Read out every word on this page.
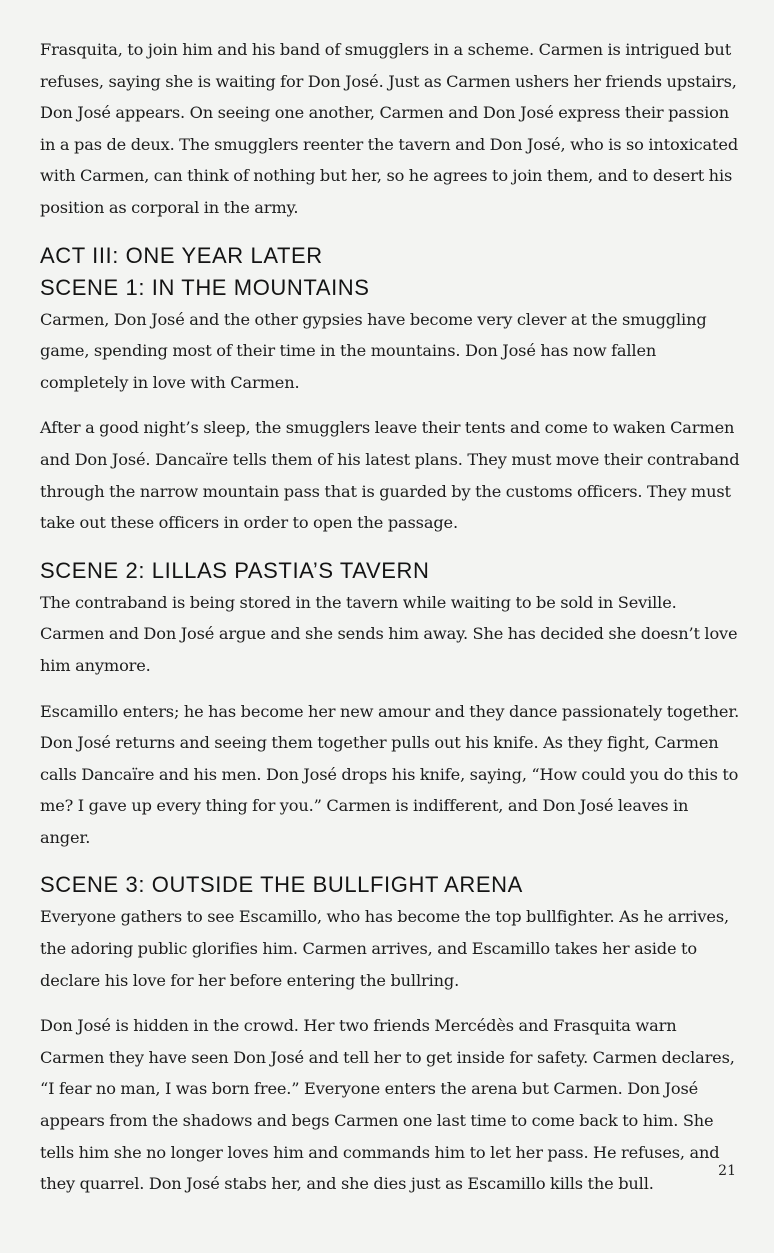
Frasquita, to join him and his band of smugglers in a scheme. Carmen is intrigued but refuses, saying she is waiting for Don José. Just as Carmen ushers her friends upstairs, Don José appears. On seeing one another, Carmen and Don José express their passion in a pas de deux. The smugglers reenter the tavern and Don José, who is so intoxicated with Carmen, can think of nothing but her, so he agrees to join them, and to desert his position as corporal in the army.

ACT III: ONE YEAR LATER
SCENE 1: IN THE MOUNTAINS

Carmen, Don José and the other gypsies have become very clever at the smuggling game, spending most of their time in the mountains. Don José has now fallen completely in love with Carmen.

After a good night’s sleep, the smugglers leave their tents and come to waken Carmen and Don José. Dancaïre tells them of his latest plans. They must move their contraband through the narrow mountain pass that is guarded by the customs officers. They must take out these officers in order to open the passage.

SCENE 2: LILLAS PASTIA’S TAVERN

The contraband is being stored in the tavern while waiting to be sold in Seville. Carmen and Don José argue and she sends him away. She has decided she doesn’t love him anymore.

Escamillo enters; he has become her new amour and they dance passionately together. Don José returns and seeing them together pulls out his knife. As they fight, Carmen calls Dancaïre and his men. Don José drops his knife, saying, “How could you do this to me? I gave up every thing for you.” Carmen is indifferent, and Don José leaves in anger.

SCENE 3: OUTSIDE THE BULLFIGHT ARENA

Everyone gathers to see Escamillo, who has become the top bullfighter. As he arrives, the adoring public glorifies him. Carmen arrives, and Escamillo takes her aside to declare his love for her before entering the bullring.

Don José is hidden in the crowd. Her two friends Mercédès and Frasquita warn Carmen they have seen Don José and tell her to get inside for safety. Carmen declares, “I fear no man, I was born free.” Everyone enters the arena but Carmen. Don José appears from the shadows and begs Carmen one last time to come back to him. She tells him she no longer loves him and commands him to let her pass. He refuses, and they quarrel. Don José stabs her, and she dies just as Escamillo kills the bull.

21
